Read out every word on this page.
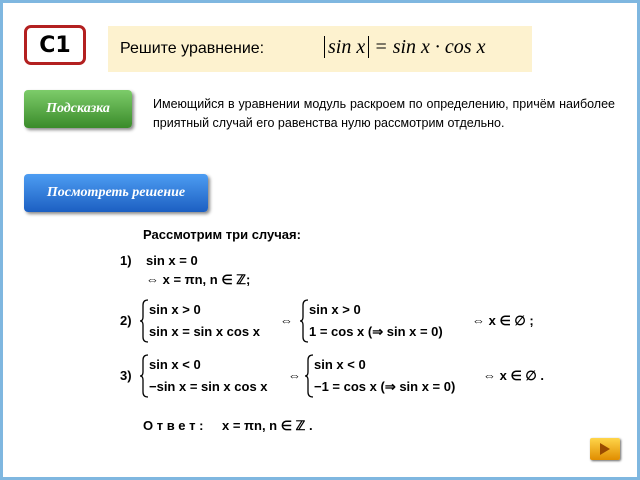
C1	Решите уравнение:	sin x = sin x · cos x
Подсказка	Имеющийся в уравнении модуль раскроем по определению, причём наиболее приятный случай его равенства нулю рассмотрим отдельно.
Посмотреть решение
Рассмотрим три случая:
1) sin x = 0
⇔ x = πn, n ∈ ℤ;
2)
sin x > 0
sin x = sin x cos x
⇔
sin x > 0
1 = cos x (⇒ sin x = 0)
⇔ x ∈ ∅ ;
3)
sin x < 0
−sin x = sin x cos x
⇔
sin x < 0
−1 = cos x (⇒ sin x = 0)
⇔ x ∈ ∅ .
О т в е т : x = πn, n ∈ ℤ .
